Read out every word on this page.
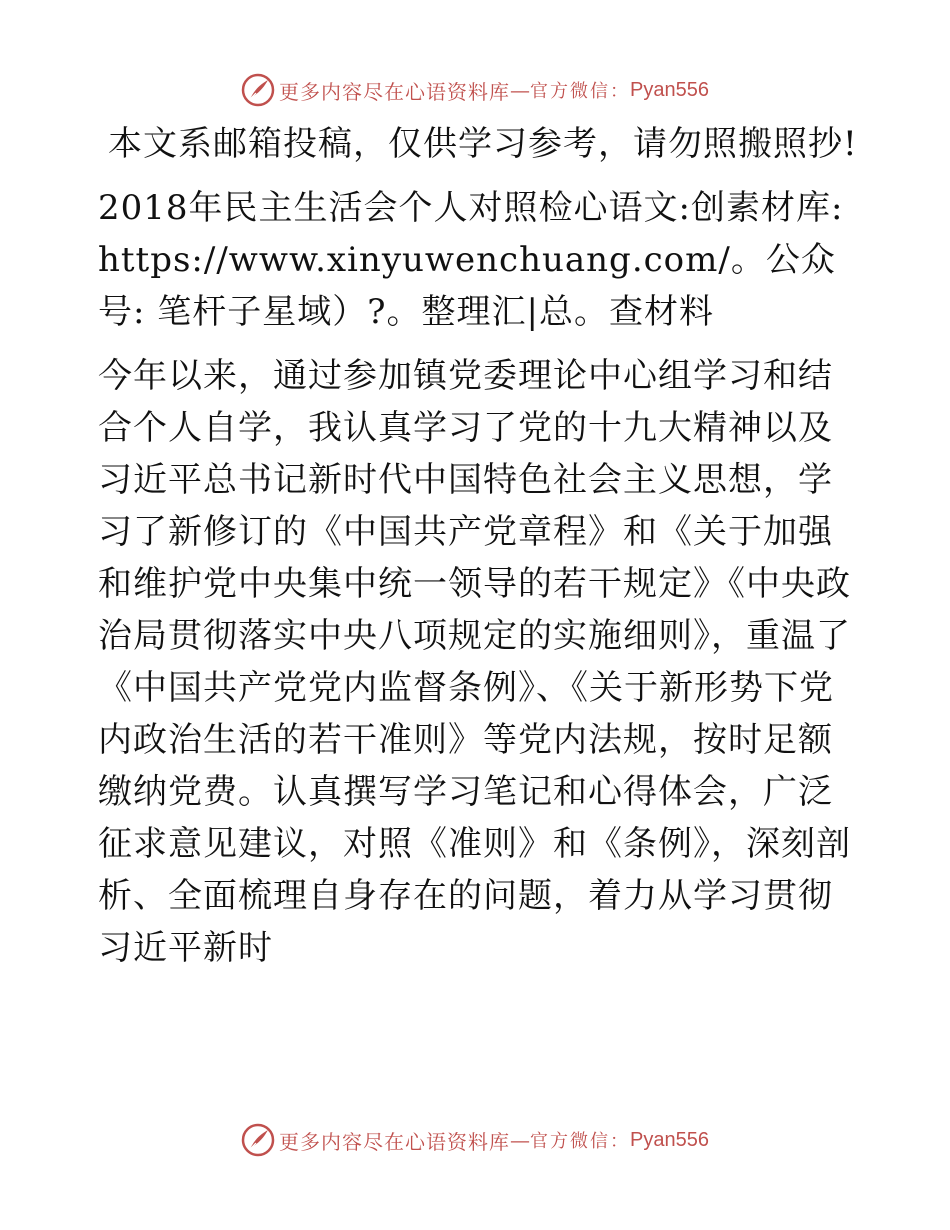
更多内容尽在心语资料库 — 官方微信： Pyan556

本文系邮箱投稿，仅供学习参考，请勿照搬照抄!

2018年民主生活会个人对照检心语文:创素材库: https://www.xinyuwenchuang.com/。公众号: 笔杆子星域）?。整理汇|总。查材料

今年以来，通过参加镇党委理论中心组学习和结合个人自学，我认真学习了党的十九大精神以及习近平总书记新时代中国特色社会主义思想，学习了新修订的《中国共产党章程》和《关于加强和维护党中央集中统一领导的若干规定》《中央政治局贯彻落实中央八项规定的实施细则》，重温了《中国共产党党内监督条例》、《关于新形势下党内政治生活的若干准则》等党内法规，按时足额缴纳党费。认真撰写学习笔记和心得体会，广泛征求意见建议，对照《准则》和《条例》，深刻剖析、全面梳理自身存在的问题，着力从学习贯彻习近平新时

更多内容尽在心语资料库 — 官方微信： Pyan556
